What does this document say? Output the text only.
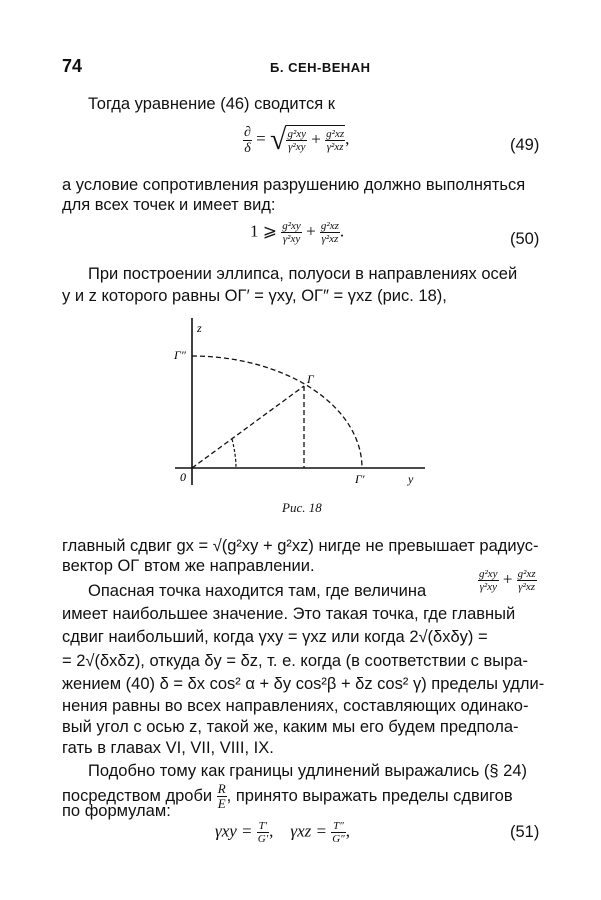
74	Б. СЕН-ВЕНАН
Тогда уравнение (46) сводится к
$\frac{\partial}{\delta}$ = √ $\frac{\text{g²xy}}{\text{γ²xy}} + \frac{\text{g²xz}}{\text{γ²xz}}$ ,	(49)
а условие сопротивления разрушению должно выполняться
для всех точек и имеет вид:
1 ⩾ $\frac{\text{g²xy}}{\text{γ²xy}} + \frac{\text{g²xz}}{\text{γ²xz}}$ .	(50)
При построении эллипса, полуоси в направлениях осей
y и z которого равны OΓ′ = γxy, OΓ″ = γxz (рис. 18),
z
Γ″
Γ
0	Γ′	y
Рис. 18
главный сдвиг gx = √(g²xy + g²xz) нигде не превышает радиус-
вектор OΓ втом же направлении.
Опасная точка находится там, где величина	$\frac{\text{g²xy}}{\text{γ²xy}} + \frac{\text{g²xz}}{\text{γ²xz}}$
имеет наибольшее значение. Это такая точка, где главный
сдвиг наибольший, когда γxy = γxz или когда 2√(δxδy) =
= 2√(δxδz), откуда δy = δz, т. е. когда (в соответствии с выра-
жением (40) δ = δx cos² α + δy cos²β + δz cos² γ) пределы удли-
нения равны во всех направлениях, составляющих одинако-
вый угол с осью z, такой же, каким мы его будем предпола-
гать в главах VI, VII, VIII, IX.
Подобно тому как границы удлинений выражались (§ 24)
посредством дроби $\frac{R}{E}$ , принято выражать пределы сдвигов
по формулам:
$\gamma xy = \frac{T'}{G'}$ , $\gamma xz = \frac{T''}{G''}$ ,	(51)
